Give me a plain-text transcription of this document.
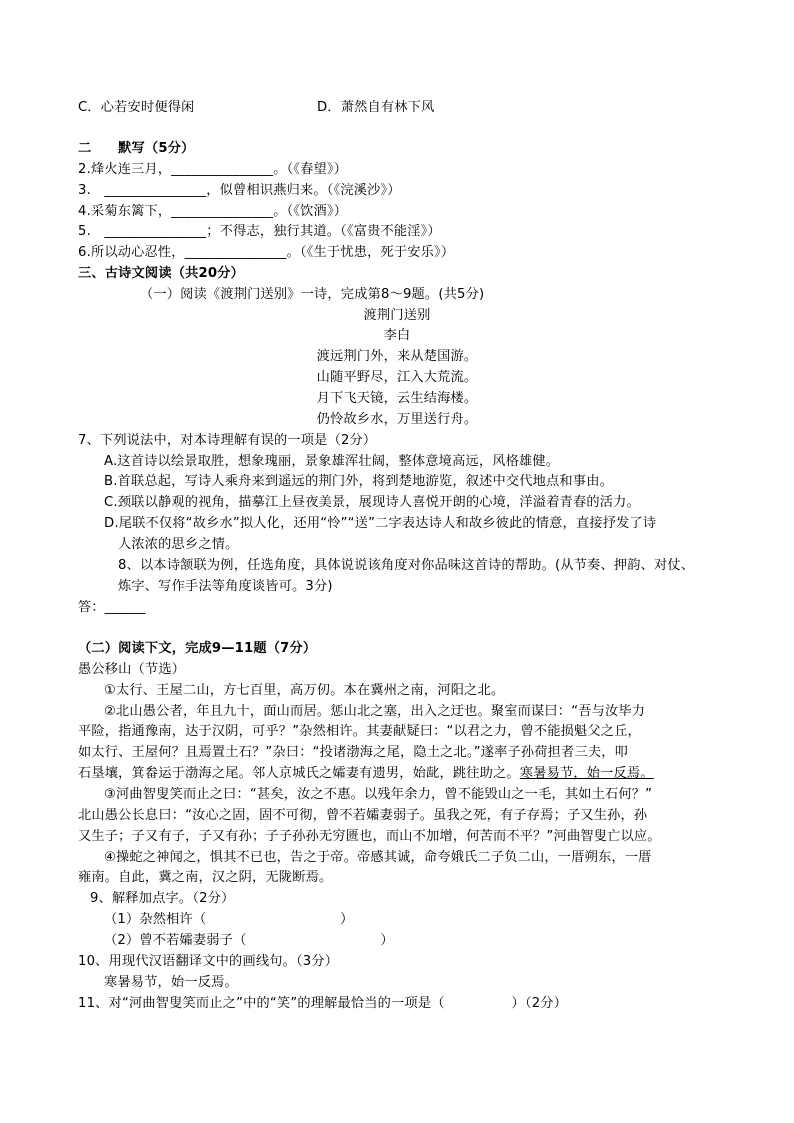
C．心若安时便得闲	D．萧然自有林下风
二　　默写（5分）
2.烽火连三月，_______________。（《春望》）
3.　_______________，似曾相识燕归来。（《浣溪沙》）
4.采菊东篱下，_______________。（《饮酒》）
5.　_______________；不得志，独行其道。（《富贵不能淫》）
6.所以动心忍性，_______________。（《生于忧患，死于安乐》）
三、古诗文阅读（共20分）
（一）阅读《渡荆门送别》一诗，完成第8～9题。(共5分)
渡荆门送别
李白
渡远荆门外，来从楚国游。
山随平野尽，江入大荒流。
月下飞天镜，云生结海楼。
仍怜故乡水，万里送行舟。
7、下列说法中，对本诗理解有误的一项是（2分）
A.这首诗以绘景取胜，想象瑰丽，景象雄浑壮阔，整体意境高远，风格雄健。
B.首联总起，写诗人乘舟来到遥远的荆门外，将到楚地游览，叙述中交代地点和事由。
C.颈联以静观的视角，描摹江上昼夜美景，展现诗人喜悦开朗的心境，洋溢着青春的活力。
D.尾联不仅将“故乡水”拟人化，还用“怜”“送”二字表达诗人和故乡彼此的情意，直接抒发了诗
人浓浓的思乡之情。
8、以本诗颔联为例，任选角度，具体说说该角度对你品味这首诗的帮助。(从节奏、押韵、对仗、
炼字、写作手法等角度谈皆可。3分)
答：______
（二）阅读下文，完成9—11题（7分）
愚公移山（节选）
①太行、王屋二山，方七百里，高万仞。本在冀州之南，河阳之北。
②北山愚公者，年且九十，面山而居。惩山北之塞，出入之迂也。聚室而谋曰：“吾与汝毕力
平险，指通豫南，达于汉阴，可乎？”杂然相许。其妻献疑曰：“以君之力，曾不能损魁父之丘，
如太行、王屋何？且焉置土石？”杂曰：“投诸渤海之尾，隐土之北。”遂率子孙荷担者三夫，叩
石垦壤，箕畚运于渤海之尾。邻人京城氏之孀妻有遗男，始龀，跳往助之。寒暑易节，始一反焉。
③河曲智叟笑而止之曰：“甚矣，汝之不惠。以残年余力，曾不能毁山之一毛，其如土石何？”
北山愚公长息曰：“汝心之固，固不可彻，曾不若孀妻弱子。虽我之死，有子存焉；子又生孙，孙
又生子；子又有子，子又有孙；子子孙孙无穷匮也，而山不加增，何苦而不平？”河曲智叟亡以应。
④操蛇之神闻之，惧其不已也，告之于帝。帝感其诚，命夸娥氏二子负二山，一厝朔东，一厝
雍南。自此，冀之南，汉之阴，无陇断焉。
9、解释加点字。（2分）
（1）杂然相许（　　　　　　　　　　）
（2）曾不若孀妻弱子（　　　　　　　　　　）
10、用现代汉语翻译文中的画线句。（3分）
寒暑易节，始一反焉。
11、对“河曲智叟笑而止之”中的“笑”的理解最恰当的一项是（　　　　　）（2分）
